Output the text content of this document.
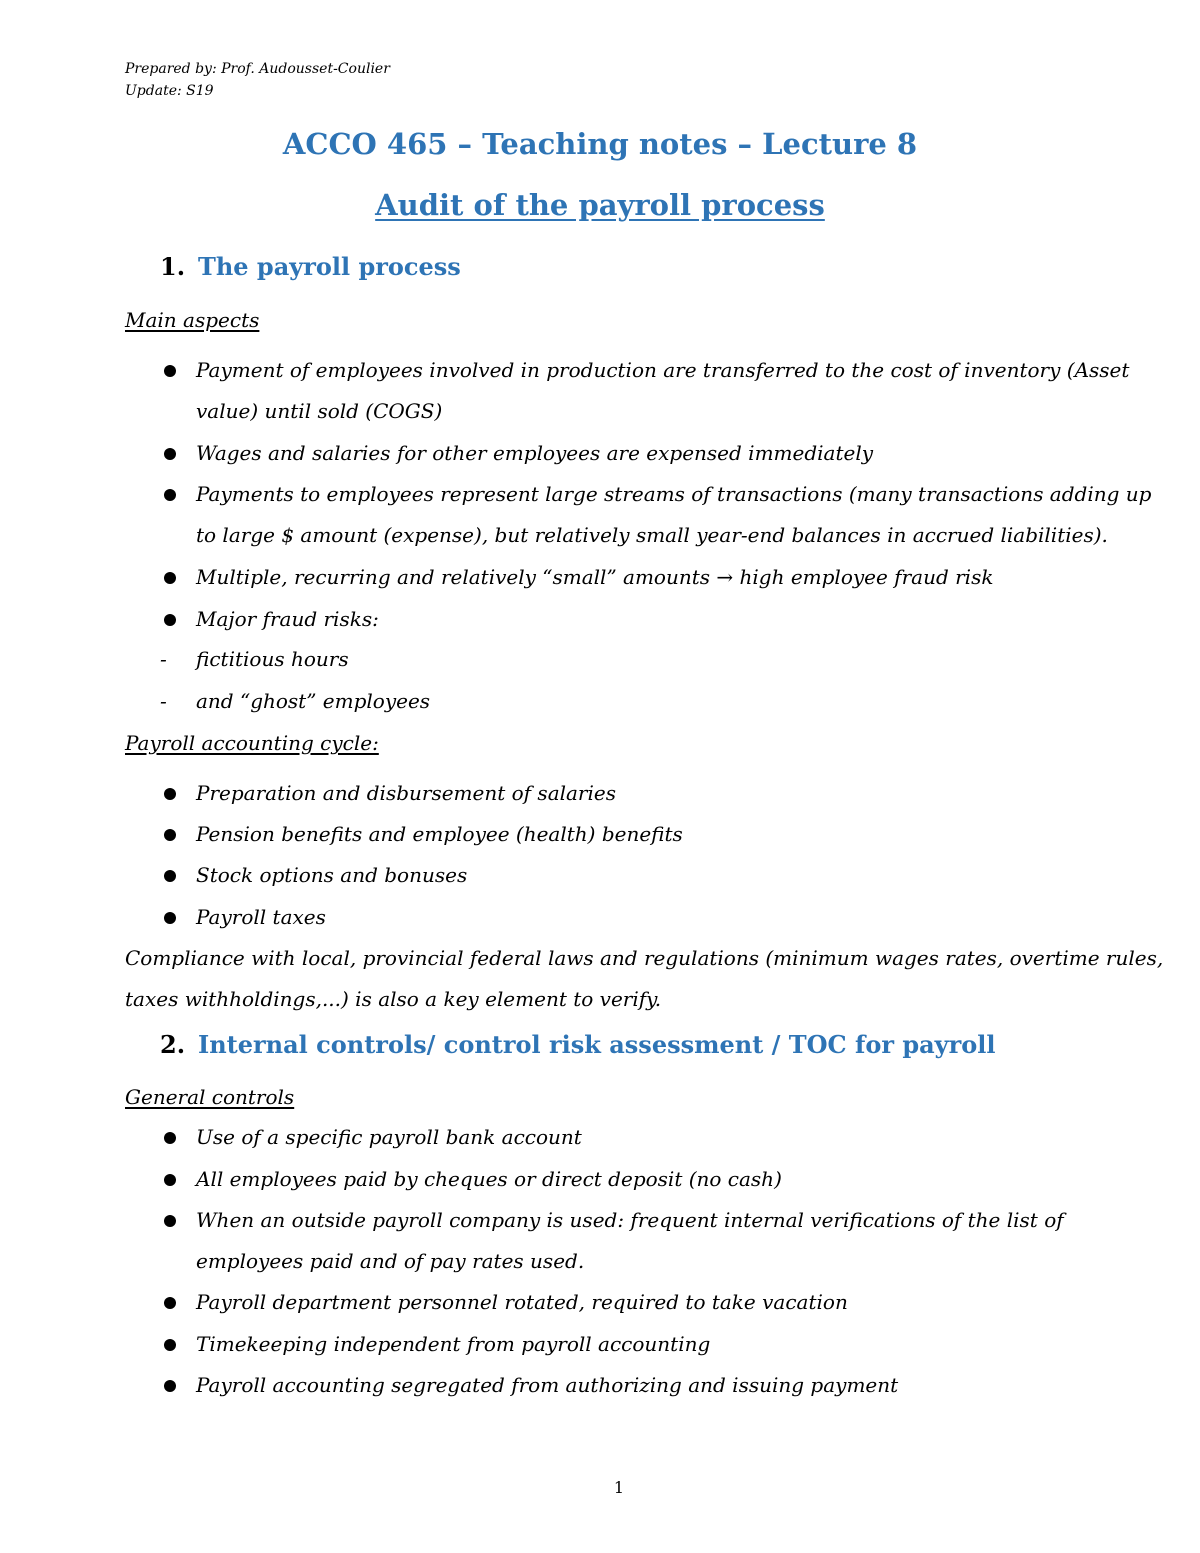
Prepared by: Prof. Audousset-Coulier
Update: S19
ACCO 465 – Teaching notes – Lecture 8
Audit of the payroll process
1. The payroll process
Main aspects
Payment of employees involved in production are transferred to the cost of inventory (Asset
value) until sold (COGS)
Wages and salaries for other employees are expensed immediately
Payments to employees represent large streams of transactions (many transactions adding up
to large $ amount (expense), but relatively small year-end balances in accrued liabilities).
Multiple, recurring and relatively “small” amounts → high employee fraud risk
Major fraud risks:
- fictitious hours
- and “ghost” employees
Payroll accounting cycle:
Preparation and disbursement of salaries
Pension benefits and employee (health) benefits
Stock options and bonuses
Payroll taxes
Compliance with local, provincial federal laws and regulations (minimum wages rates, overtime rules,
taxes withholdings,...) is also a key element to verify.
2. Internal controls/ control risk assessment / TOC for payroll
General controls
Use of a specific payroll bank account
All employees paid by cheques or direct deposit (no cash)
When an outside payroll company is used: frequent internal verifications of the list of
employees paid and of pay rates used.
Payroll department personnel rotated, required to take vacation
Timekeeping independent from payroll accounting
Payroll accounting segregated from authorizing and issuing payment
1
